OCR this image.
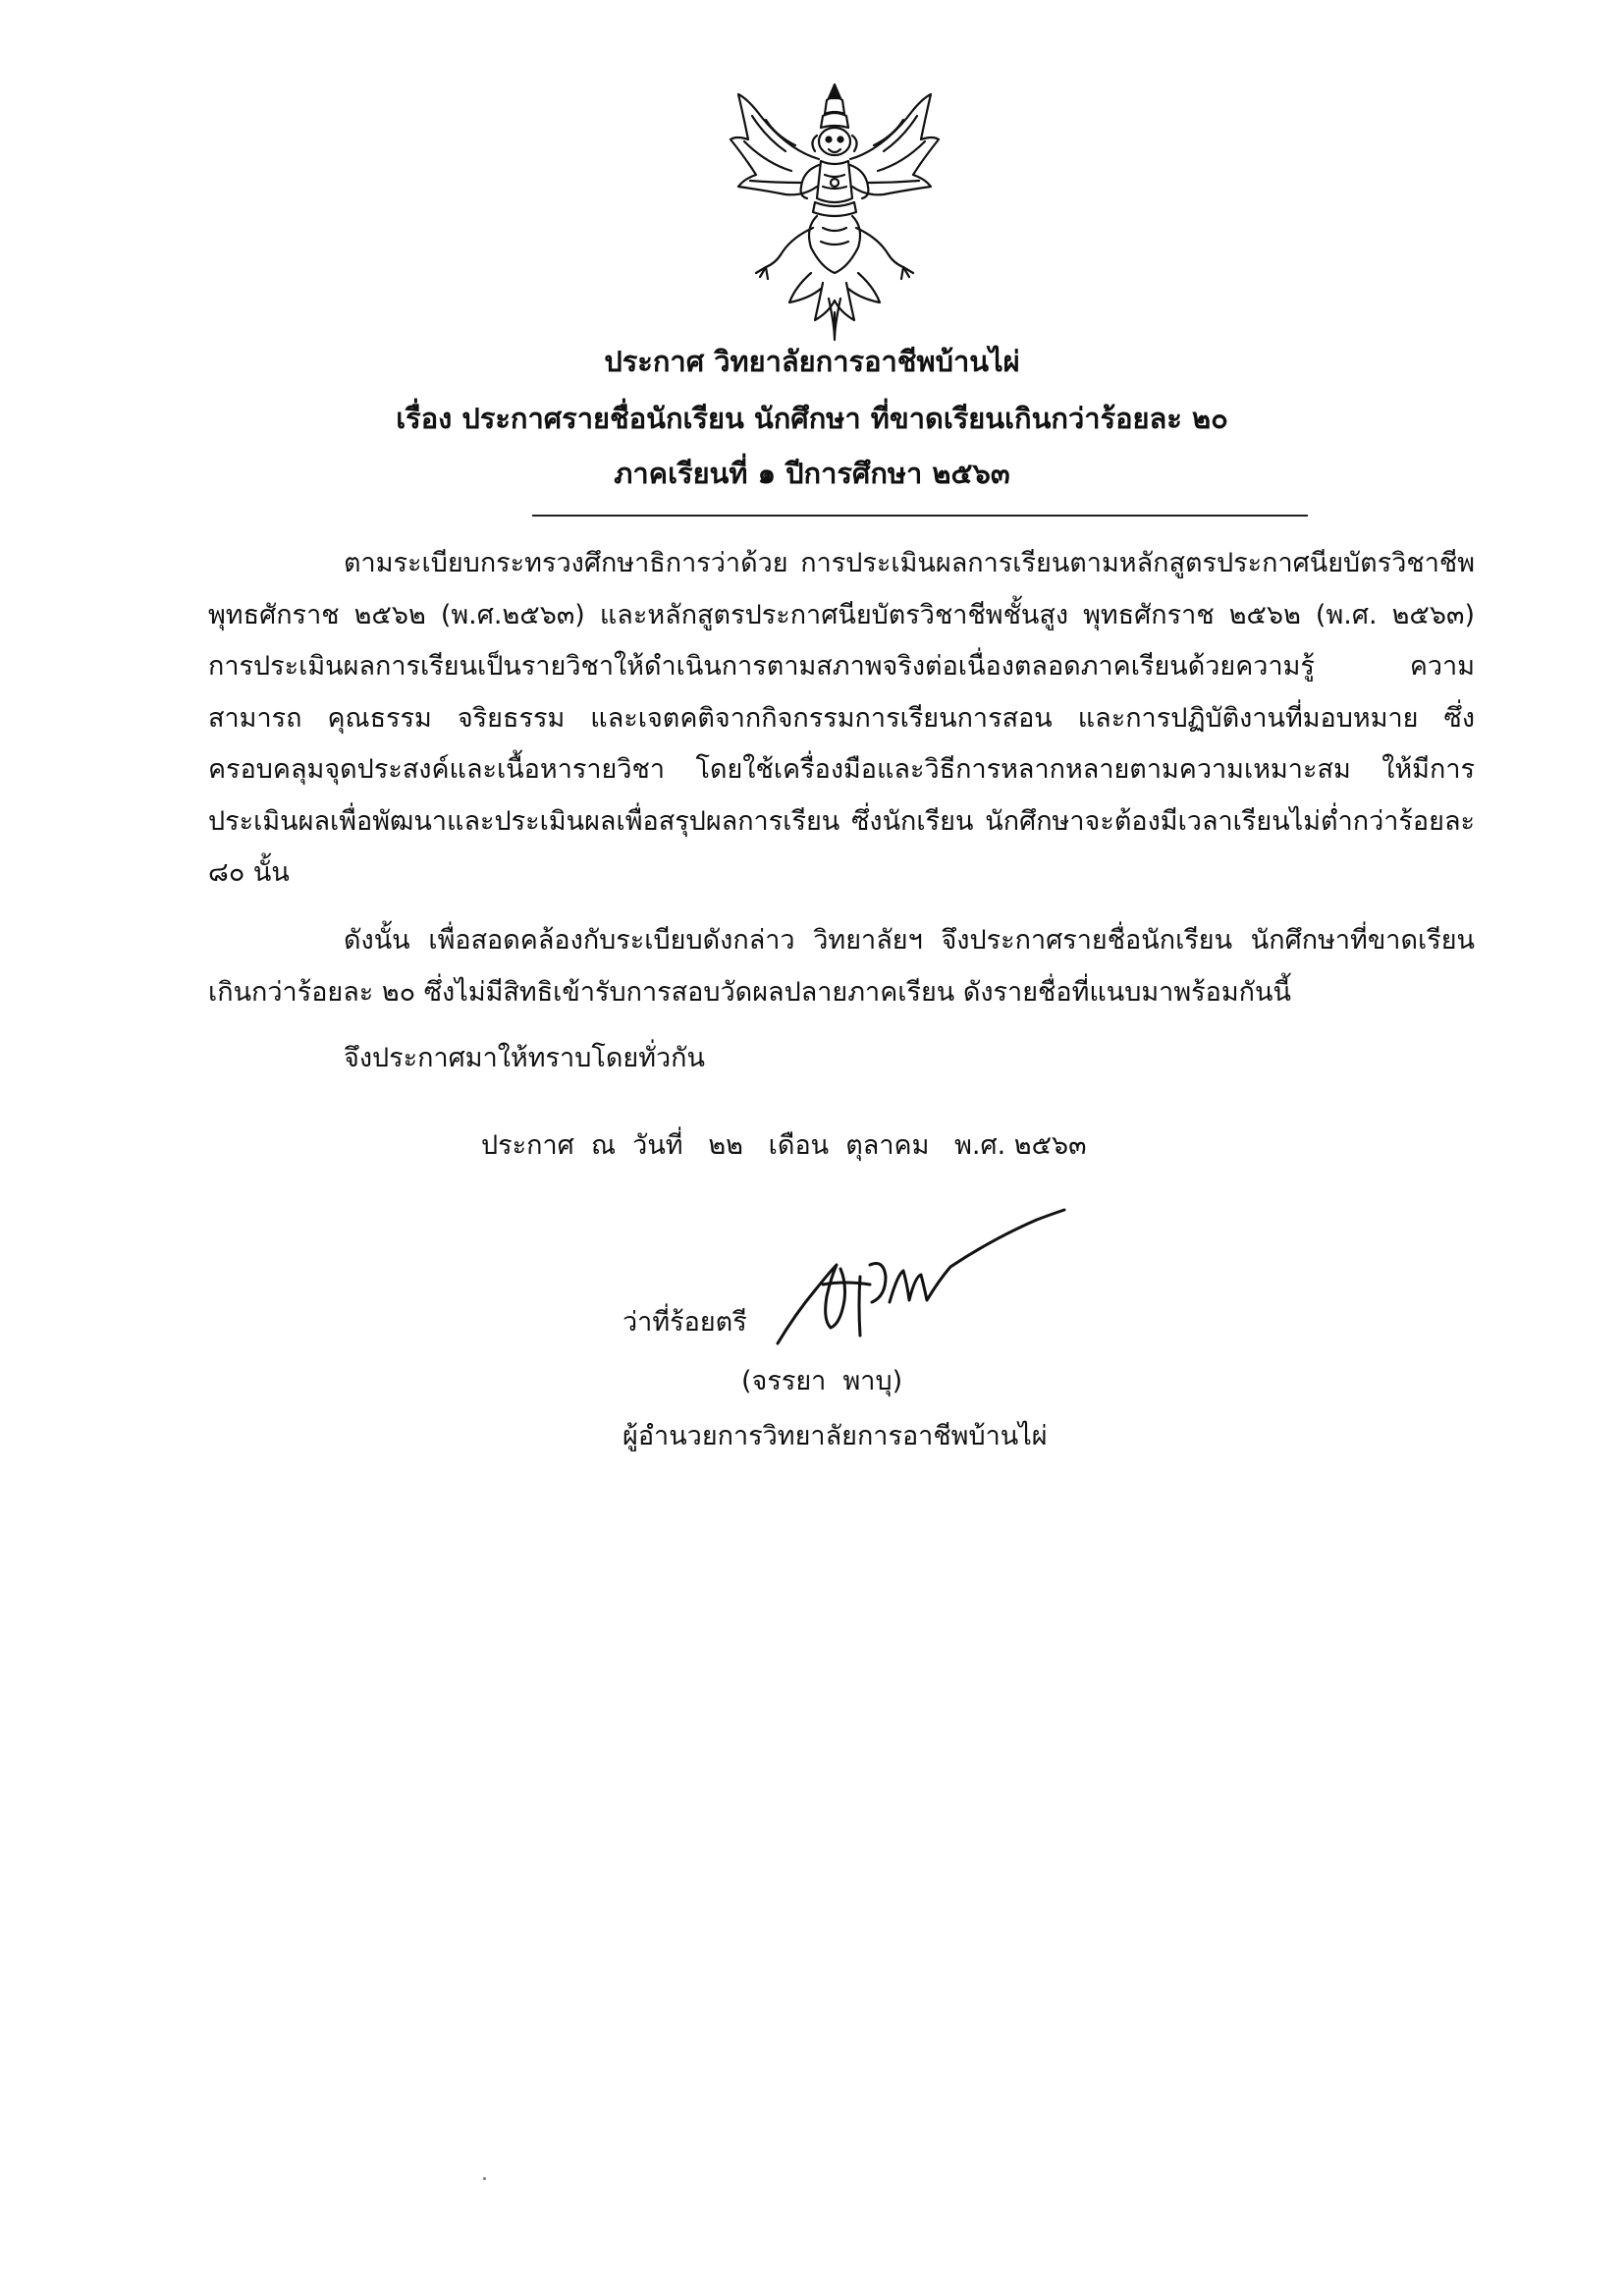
ประกาศ วิทยาลัยการอาชีพบ้านไผ่
เรื่อง ประกาศรายชื่อนักเรียน นักศึกษา ที่ขาดเรียนเกินกว่าร้อยละ ๒๐
ภาคเรียนที่ ๑ ปีการศึกษา ๒๕๖๓
ตามระเบียบกระทรวงศึกษาธิการว่าด้วย การประเมินผลการเรียนตามหลักสูตรประกาศนียบัตรวิชาชีพ พุทธศักราช ๒๕๖๒ (พ.ศ.๒๕๖๓) และหลักสูตรประกาศนียบัตรวิชาชีพชั้นสูง พุทธศักราช ๒๕๖๒ (พ.ศ. ๒๕๖๓) การประเมินผลการเรียนเป็นรายวิชาให้ดำเนินการตามสภาพจริงต่อเนื่องตลอดภาคเรียนด้วยความรู้ ความสามารถ คุณธรรม จริยธรรม และเจตคติจากกิจกรรมการเรียนการสอน และการปฏิบัติงานที่มอบหมาย ซึ่งครอบคลุมจุดประสงค์และเนื้อหารายวิชา โดยใช้เครื่องมือและวิธีการหลากหลายตามความเหมาะสม ให้มีการประเมินผลเพื่อพัฒนาและประเมินผลเพื่อสรุปผลการเรียน ซึ่งนักเรียน นักศึกษาจะต้องมีเวลาเรียนไม่ต่ำกว่าร้อยละ ๘๐ นั้น
ดังนั้น เพื่อสอดคล้องกับระเบียบดังกล่าว วิทยาลัยฯ จึงประกาศรายชื่อนักเรียน นักศึกษาที่ขาดเรียนเกินกว่าร้อยละ ๒๐ ซึ่งไม่มีสิทธิเข้ารับการสอบวัดผลปลายภาคเรียน ดังรายชื่อที่แนบมาพร้อมกันนี้
จึงประกาศมาให้ทราบโดยทั่วกัน
ประกาศ  ณ  วันที่   ๒๒   เดือน  ตุลาคม   พ.ศ. ๒๕๖๓
ว่าที่ร้อยตรี
(จรรยา  พาบุ)
ผู้อำนวยการวิทยาลัยการอาชีพบ้านไผ่
